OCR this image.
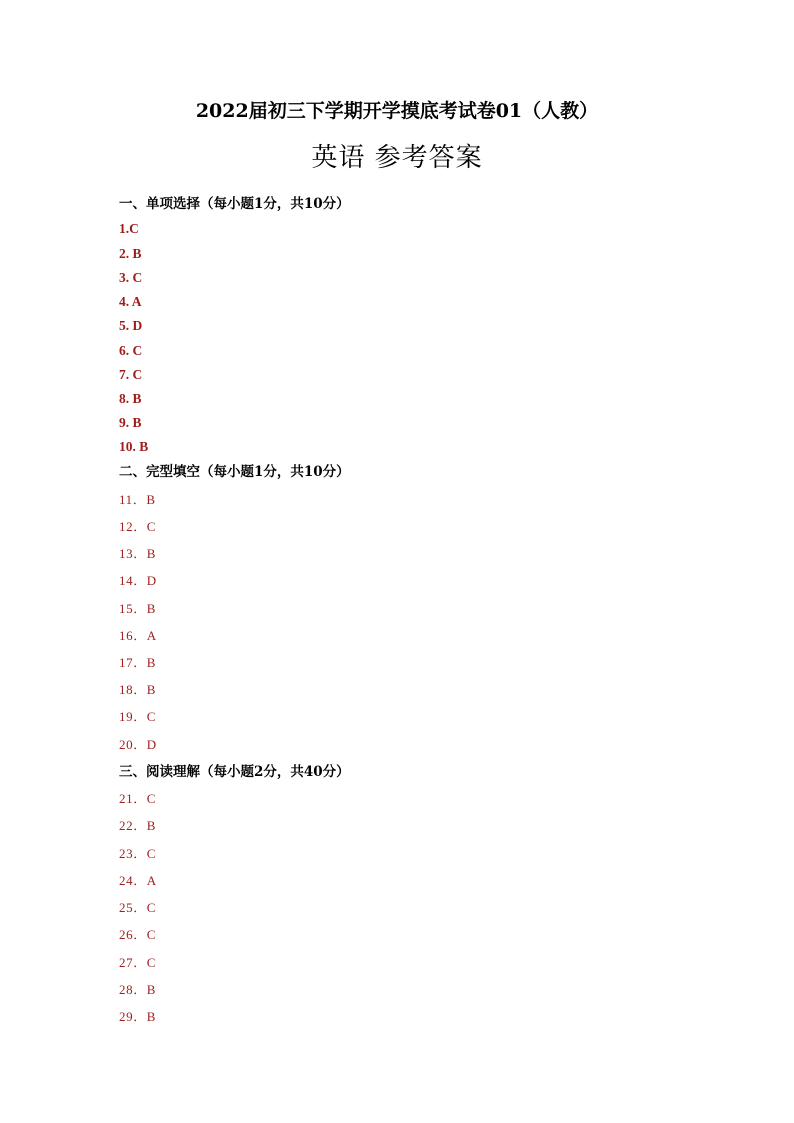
2022届初三下学期开学摸底考试卷01（人教）
英语 参考答案
一、单项选择（每小题1分，共10分）
1.C
2. B
3. C
4. A
5. D
6. C
7. C
8. B
9. B
10. B
二、完型填空（每小题1分，共10分）
11．B
12．C
13．B
14．D
15．B
16．A
17．B
18．B
19．C
20．D
三、阅读理解（每小题2分，共40分）
21．C
22．B
23．C
24．A
25．C
26．C
27．C
28．B
29．B
